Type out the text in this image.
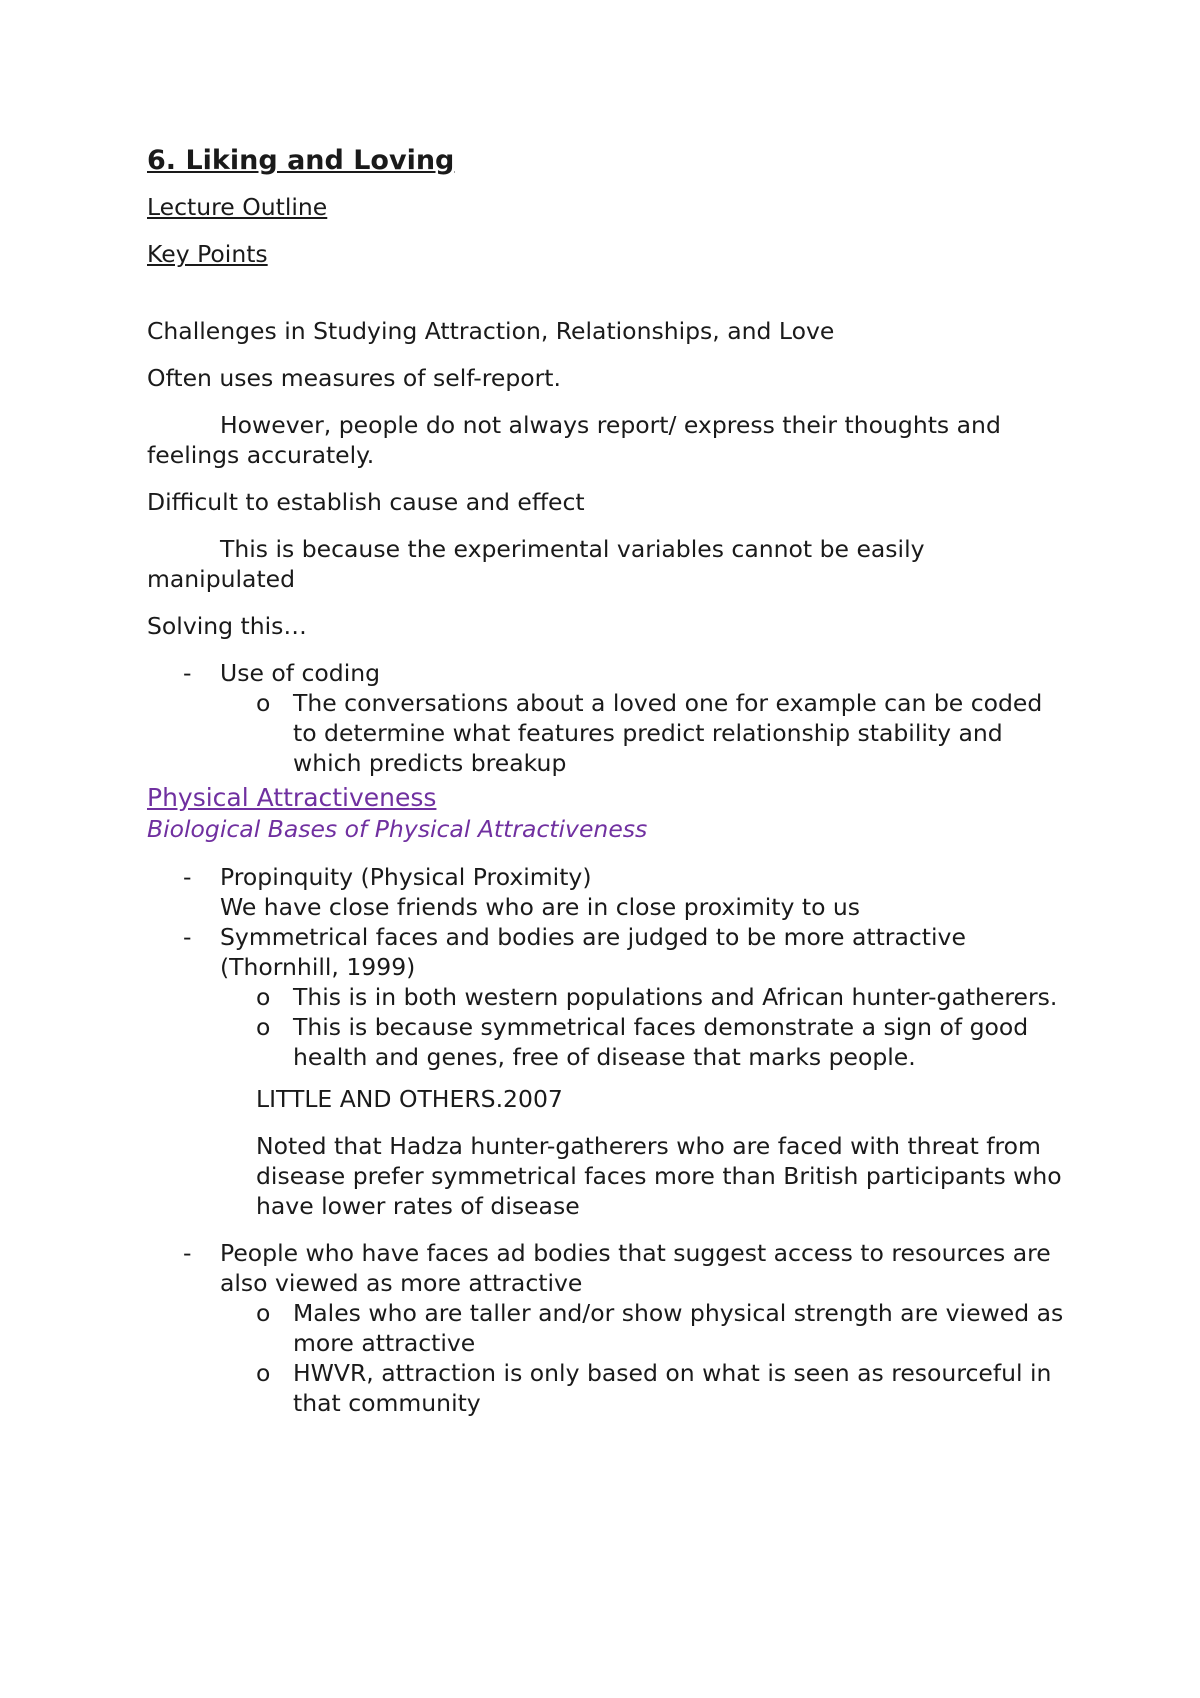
6. Liking and Loving

Lecture Outline

Key Points

Challenges in Studying Attraction, Relationships, and Love

Often uses measures of self-report.

However, people do not always report/ express their thoughts and feelings accurately.

Difficult to establish cause and effect

This is because the experimental variables cannot be easily manipulated

Solving this…

- Use of coding
o The conversations about a loved one for example can be coded to determine what features predict relationship stability and which predicts breakup

Physical Attractiveness

Biological Bases of Physical Attractiveness

- Propinquity (Physical Proximity)
We have close friends who are in close proximity to us
- Symmetrical faces and bodies are judged to be more attractive (Thornhill, 1999)
o This is in both western populations and African hunter-gatherers.
o This is because symmetrical faces demonstrate a sign of good health and genes, free of disease that marks people.

LITTLE AND OTHERS.2007

Noted that Hadza hunter-gatherers who are faced with threat from disease prefer symmetrical faces more than British participants who have lower rates of disease

- People who have faces ad bodies that suggest access to resources are also viewed as more attractive
o Males who are taller and/or show physical strength are viewed as more attractive
o HWVR, attraction is only based on what is seen as resourceful in that community
